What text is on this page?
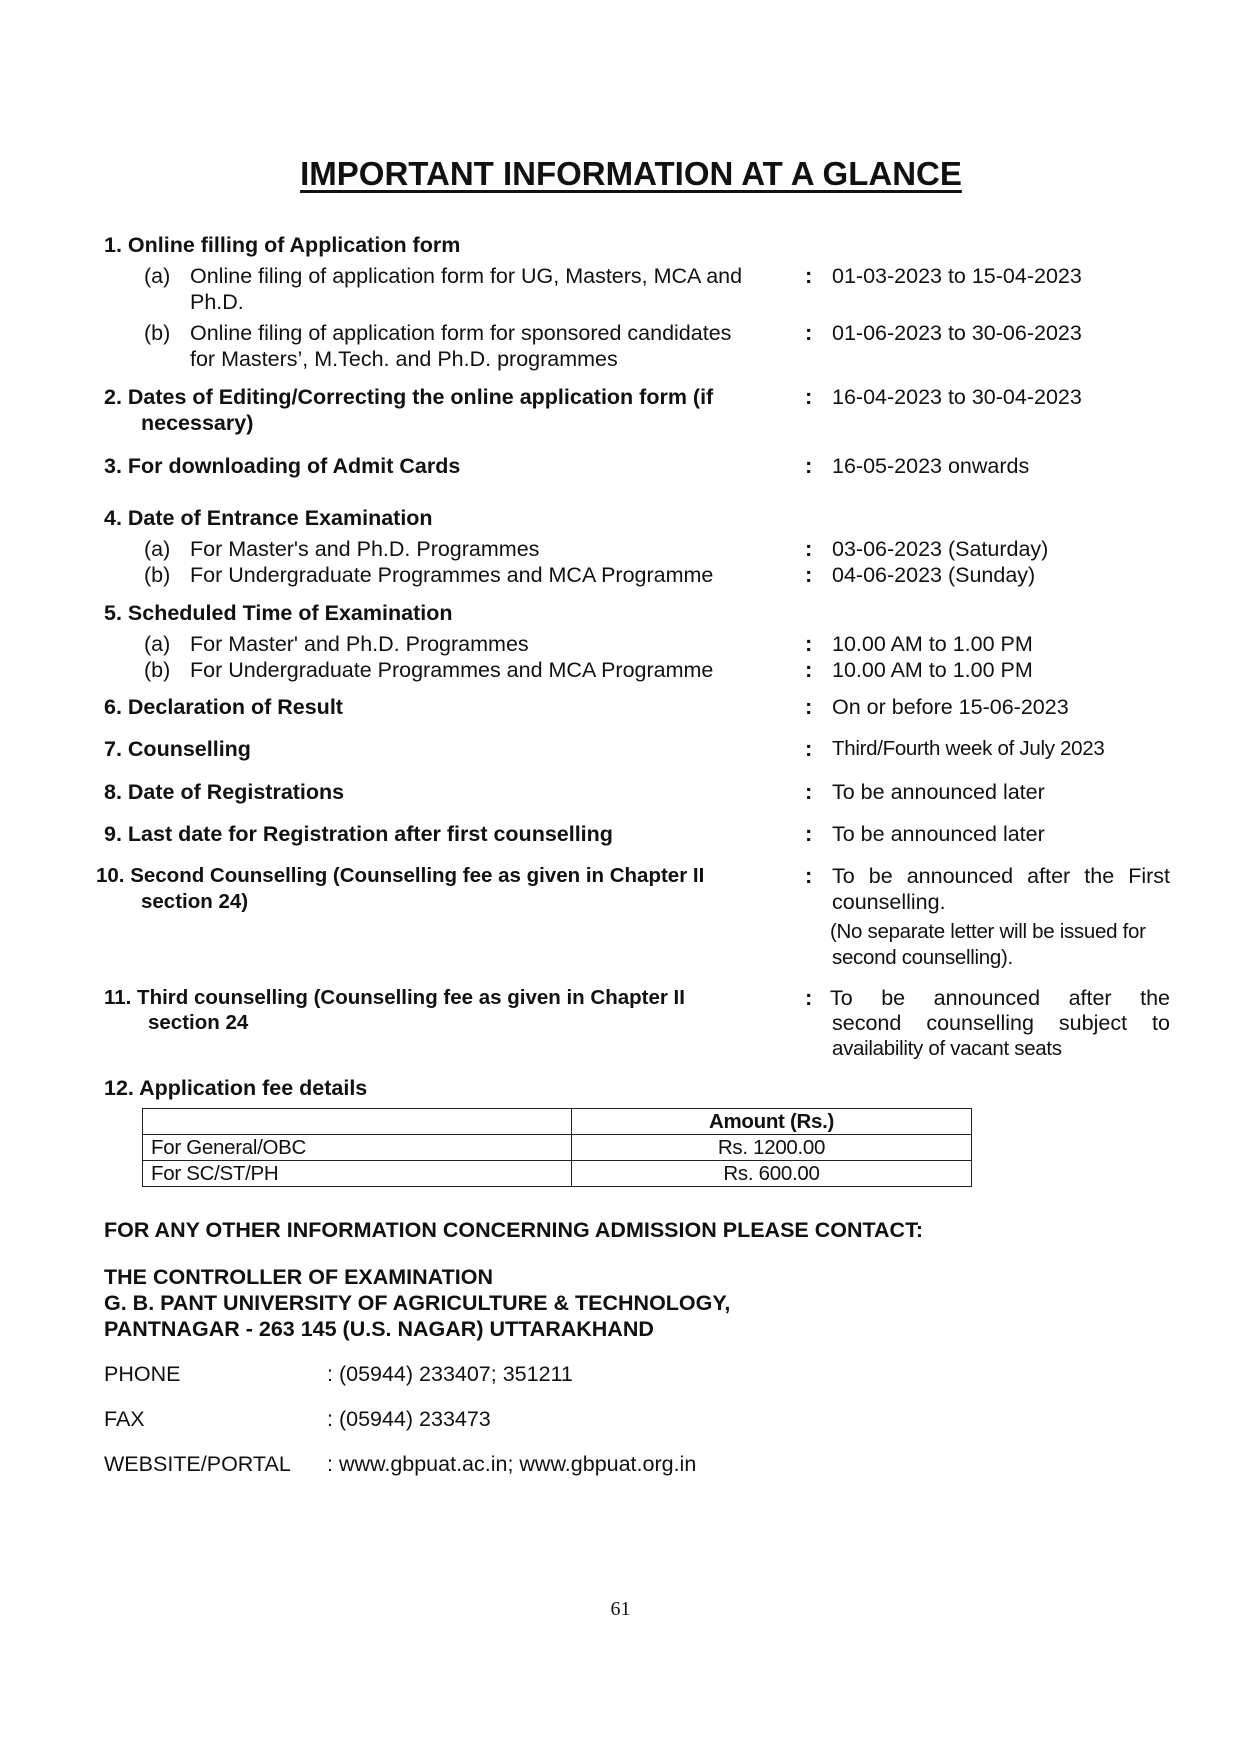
IMPORTANT INFORMATION AT A GLANCE
1. Online filling of Application form
(a) Online filing of application form for UG, Masters, MCA and
Ph.D.
: 01-03-2023 to 15-04-2023
(b) Online filing of application form for sponsored candidates
for Masters’, M.Tech. and Ph.D. programmes
: 01-06-2023 to 30-06-2023
2. Dates of Editing/Correcting the online application form (if
necessary)
: 16-04-2023 to 30-04-2023
3. For downloading of Admit Cards	: 16-05-2023 onwards
4. Date of Entrance Examination
(a) For Master's and Ph.D. Programmes	: 03-06-2023 (Saturday)
(b) For Undergraduate Programmes and MCA Programme	: 04-06-2023 (Sunday)
5. Scheduled Time of Examination
(a) For Master' and Ph.D. Programmes	: 10.00 AM to 1.00 PM
(b) For Undergraduate Programmes and MCA Programme	: 10.00 AM to 1.00 PM
6. Declaration of Result	: On or before 15-06-2023
7. Counselling	: Third/Fourth week of July 2023
8. Date of Registrations	: To be announced later
9. Last date for Registration after first counselling	: To be announced later
10. Second Counselling (Counselling fee as given in Chapter II
section 24)
: To be announced after the First
counselling.
(No separate letter will be issued for
second counselling).
11. Third counselling (Counselling fee as given in Chapter II
section 24
: To be announced after the
second counselling subject to
availability of vacant seats
12. Application fee details
	Amount (Rs.)
For General/OBC	Rs. 1200.00
For SC/ST/PH	Rs. 600.00
FOR ANY OTHER INFORMATION CONCERNING ADMISSION PLEASE CONTACT:
THE CONTROLLER OF EXAMINATION
G. B. PANT UNIVERSITY OF AGRICULTURE & TECHNOLOGY,
PANTNAGAR - 263 145 (U.S. NAGAR) UTTARAKHAND
PHONE	: (05944) 233407; 351211
FAX	: (05944) 233473
WEBSITE/PORTAL : www.gbpuat.ac.in; www.gbpuat.org.in
61
